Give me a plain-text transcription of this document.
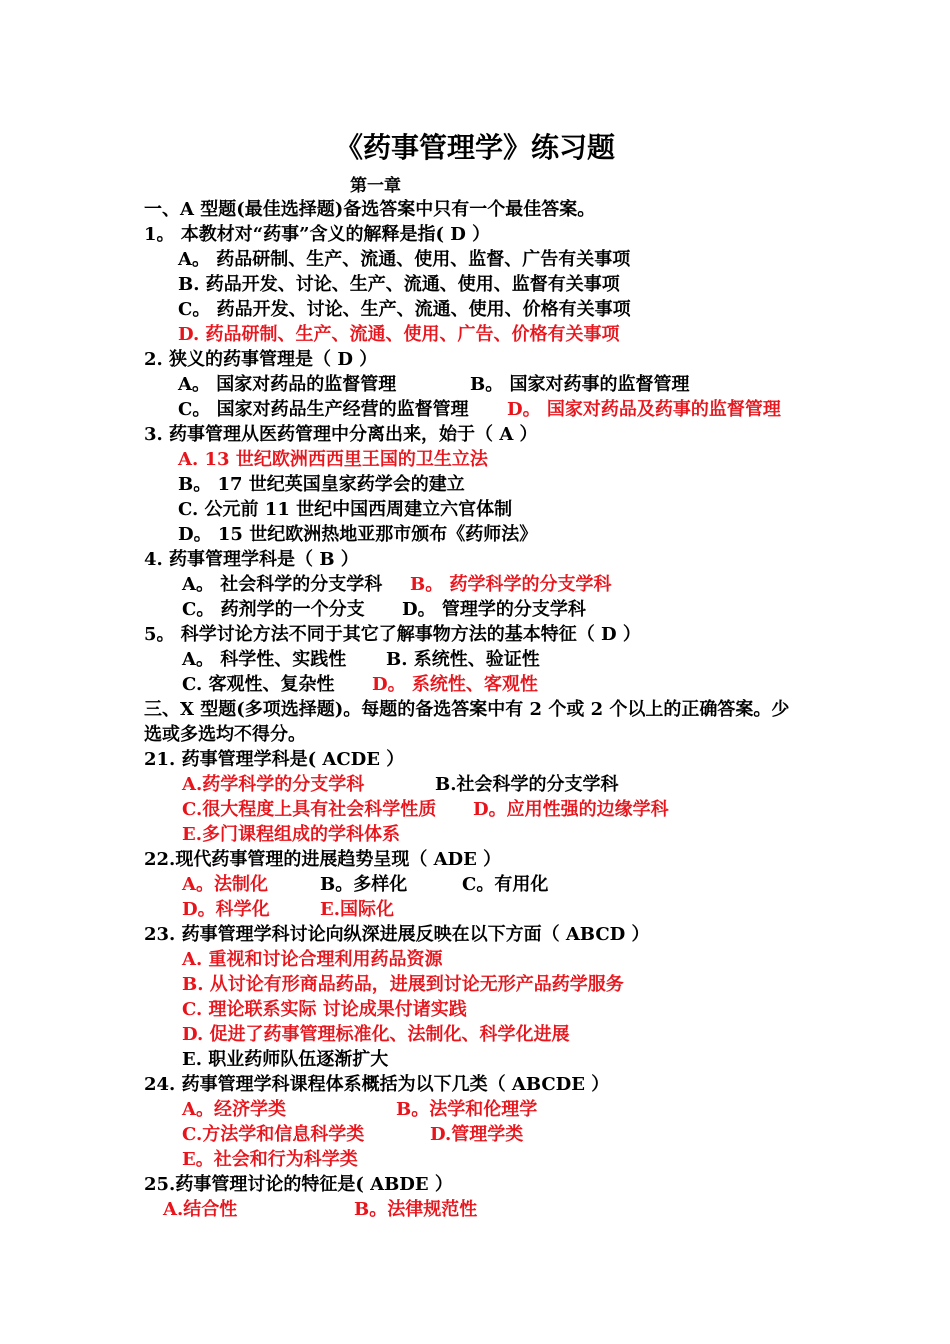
《药事管理学》练习题
第一章
一、A 型题(最佳选择题)备选答案中只有一个最佳答案。
1。 本教材对“药事”含义的解释是指( D ）
A。 药品研制、生产、流通、使用、监督、广告有关事项
B. 药品开发、讨论、生产、流通、使用、监督有关事项
C。 药品开发、讨论、生产、流通、使用、价格有关事项
D. 药品研制、生产、流通、使用、广告、价格有关事项
2. 狭义的药事管理是（ D ）
A。 国家对药品的监督管理	B。 国家对药事的监督管理
C。 国家对药品生产经营的监督管理 D。 国家对药品及药事的监督管理
3. 药事管理从医药管理中分离出来，始于（ A ）
A. 13 世纪欧洲西西里王国的卫生立法
B。 17 世纪英国皇家药学会的建立
C. 公元前 11 世纪中国西周建立六官体制
D。 15 世纪欧洲热地亚那市颁布《药师法》
4. 药事管理学科是（ B ）
A。 社会科学的分支学科 B。 药学科学的分支学科
C。 药剂学的一个分支 D。 管理学的分支学科
5。 科学讨论方法不同于其它了解事物方法的基本特征（ D ）
A。 科学性、实践性 B. 系统性、验证性
C. 客观性、复杂性 D。 系统性、客观性
三、X 型题(多项选择题)。每题的备选答案中有 2 个或 2 个以上的正确答案。少
选或多选均不得分。
21. 药事管理学科是( ACDE ）
A.药学科学的分支学科	B.社会科学的分支学科
C.很大程度上具有社会科学性质 D。应用性强的边缘学科
E.多门课程组成的学科体系
22.现代药事管理的进展趋势呈现（ ADE ）
A。法制化	B。多样化	C。有用化
D。科学化	E.国际化
23. 药事管理学科讨论向纵深进展反映在以下方面（ ABCD ）
A. 重视和讨论合理利用药品资源
B. 从讨论有形商品药品，进展到讨论无形产品药学服务
C. 理论联系实际 讨论成果付诸实践
D. 促进了药事管理标准化、法制化、科学化进展
E. 职业药师队伍逐渐扩大
24. 药事管理学科课程体系概括为以下几类（ ABCDE ）
A。经济学类	B。法学和伦理学
C.方法学和信息科学类	D.管理学类
E。社会和行为科学类
25.药事管理讨论的特征是( ABDE ）
A.结合性	B。法律规范性
